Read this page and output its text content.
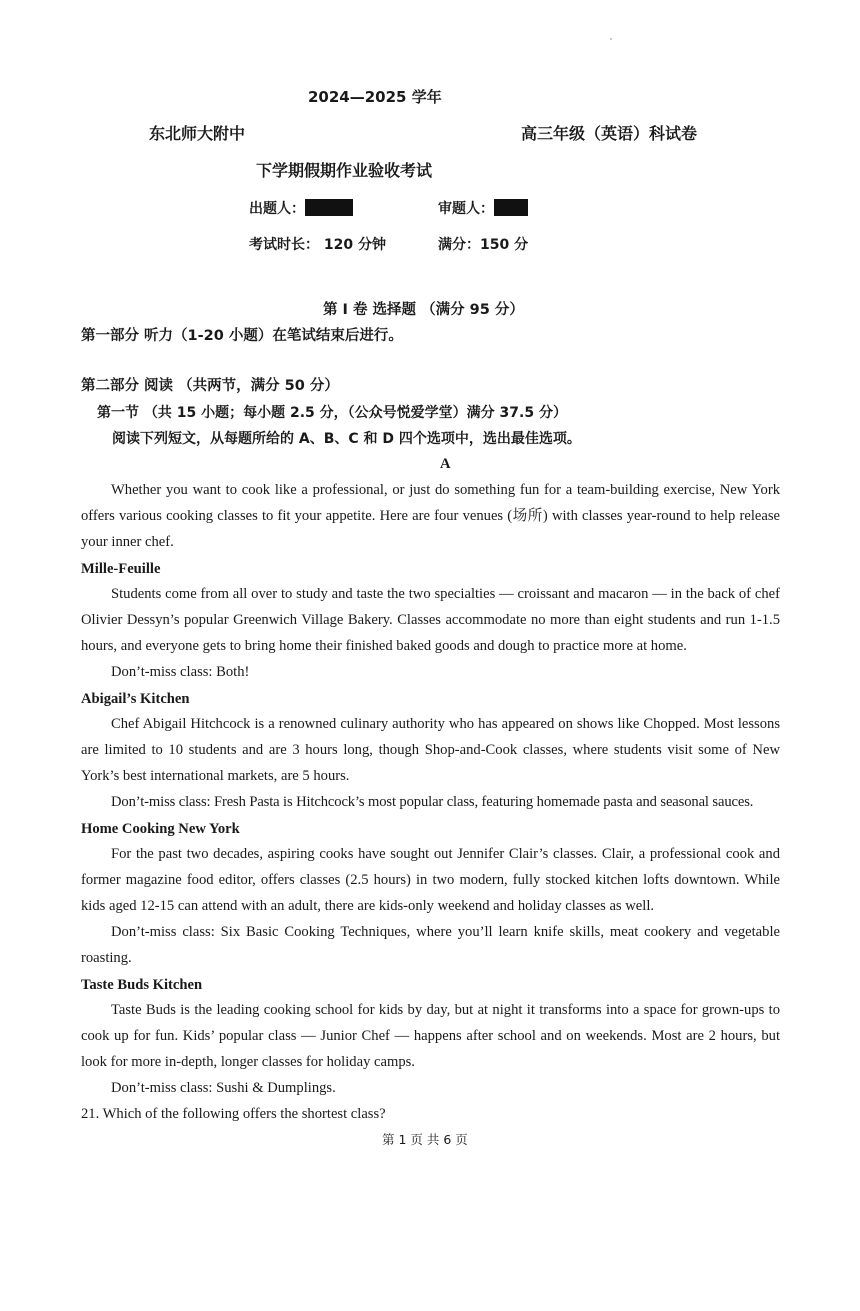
2024—2025 学年
东北师大附中	高三年级（英语）科试卷
下学期假期作业验收考试
出题人：	审题人：
考试时长： 120 分钟	满分：150 分
第 I 卷 选择题 （满分 95 分）
第一部分 听力（1-20 小题）在笔试结束后进行。
第二部分 阅读 （共两节，满分 50 分）
第一节 （共 15 小题；每小题 2.5 分，（公众号悦爱学堂）满分 37.5 分）
阅读下列短文，从每题所给的 A、B、C 和 D 四个选项中，选出最佳选项。
A
Whether you want to cook like a professional, or just do something fun for a team-building exercise, New York offers various cooking classes to fit your appetite. Here are four venues (场所) with classes year-round to help release your inner chef.
Mille-Feuille
Students come from all over to study and taste the two specialties — croissant and macaron — in the back of chef Olivier Dessyn’s popular Greenwich Village Bakery. Classes accommodate no more than eight students and run 1-1.5 hours, and everyone gets to bring home their finished baked goods and dough to practice more at home.
Don’t-miss class: Both!
Abigail’s Kitchen
Chef Abigail Hitchcock is a renowned culinary authority who has appeared on shows like Chopped. Most lessons are limited to 10 students and are 3 hours long, though Shop-and-Cook classes, where students visit some of New York’s best international markets, are 5 hours.
Don’t-miss class: Fresh Pasta is Hitchcock’s most popular class, featuring homemade pasta and seasonal sauces.
Home Cooking New York
For the past two decades, aspiring cooks have sought out Jennifer Clair’s classes. Clair, a professional cook and former magazine food editor, offers classes (2.5 hours) in two modern, fully stocked kitchen lofts downtown. While kids aged 12-15 can attend with an adult, there are kids-only weekend and holiday classes as well.
Don’t-miss class: Six Basic Cooking Techniques, where you’ll learn knife skills, meat cookery and vegetable roasting.
Taste Buds Kitchen
Taste Buds is the leading cooking school for kids by day, but at night it transforms into a space for grown-ups to cook up for fun. Kids’ popular class — Junior Chef — happens after school and on weekends. Most are 2 hours, but look for more in-depth, longer classes for holiday camps.
Don’t-miss class: Sushi & Dumplings.
21. Which of the following offers the shortest class?
第 1 页 共 6 页
